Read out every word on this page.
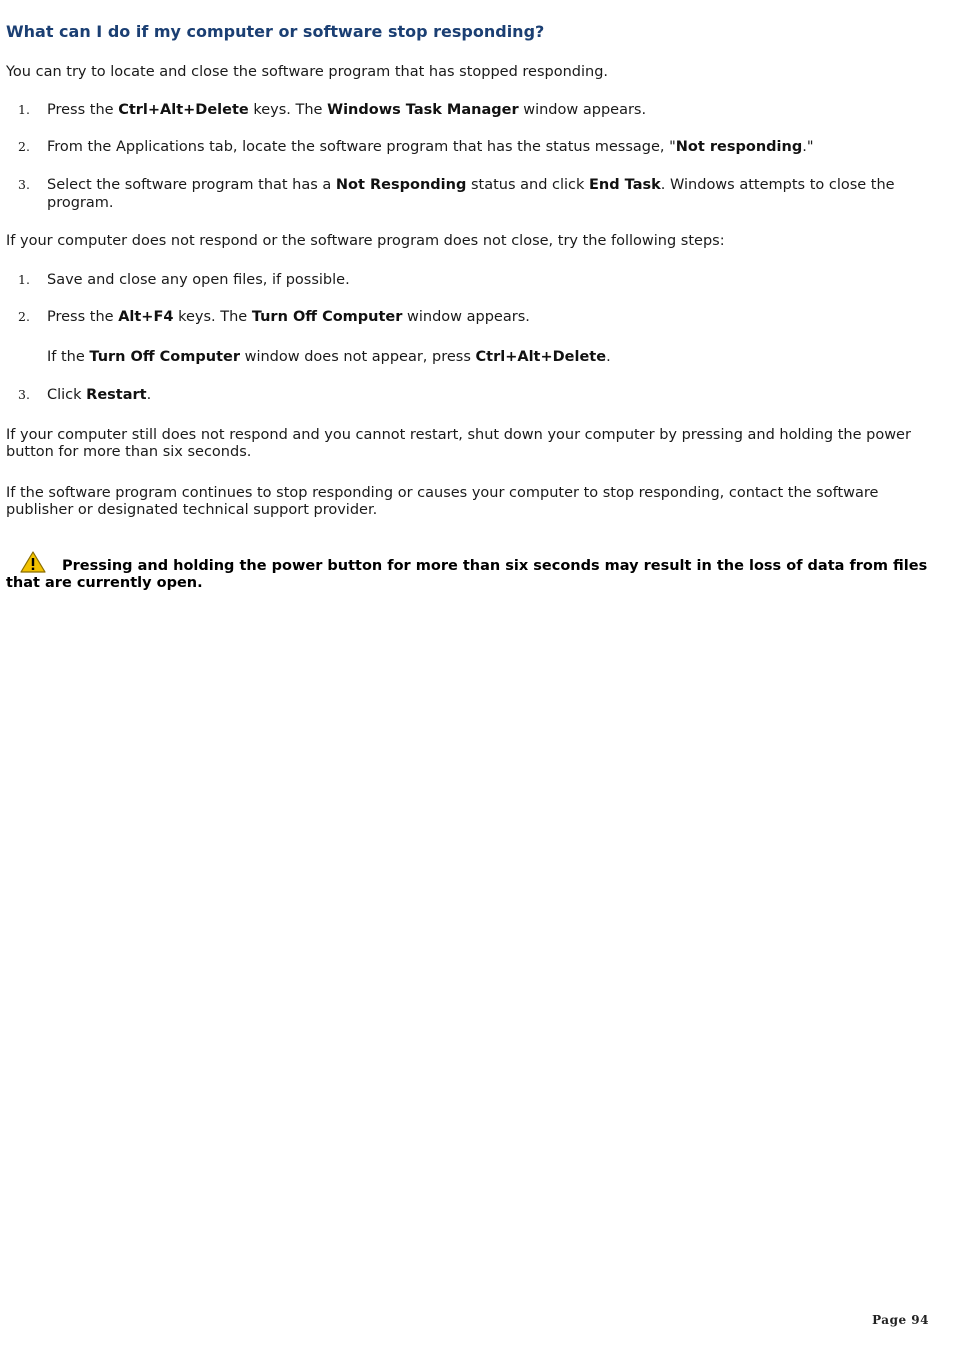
What can I do if my computer or software stop responding?

You can try to locate and close the software program that has stopped responding.

1. Press the Ctrl+Alt+Delete keys. The Windows Task Manager window appears.
2. From the Applications tab, locate the software program that has the status message, "Not responding."
3. Select the software program that has a Not Responding status and click End Task. Windows attempts to close the program.

If your computer does not respond or the software program does not close, try the following steps:

1. Save and close any open files, if possible.
2. Press the Alt+F4 keys. The Turn Off Computer window appears.
If the Turn Off Computer window does not appear, press Ctrl+Alt+Delete.
3. Click Restart.

If your computer still does not respond and you cannot restart, shut down your computer by pressing and holding the power button for more than six seconds.

If the software program continues to stop responding or causes your computer to stop responding, contact the software publisher or designated technical support provider.

Pressing and holding the power button for more than six seconds may result in the loss of data from files that are currently open.
Page 94
